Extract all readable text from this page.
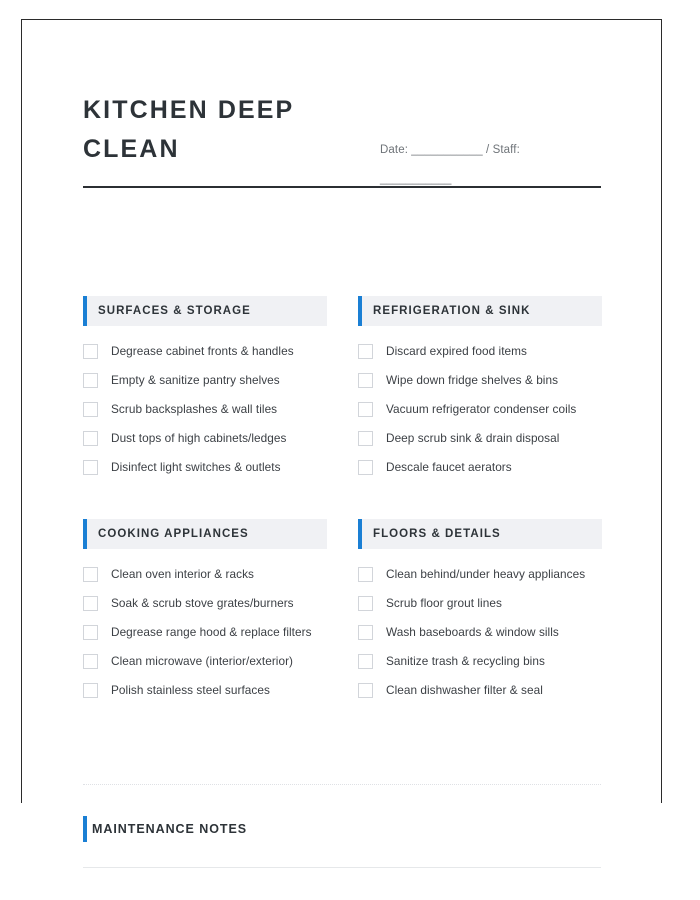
KITCHEN DEEP CLEAN	Date: ___________ / Staff: ___________
SURFACES & STORAGE
Degrease cabinet fronts & handles
Empty & sanitize pantry shelves
Scrub backsplashes & wall tiles
Dust tops of high cabinets/ledges
Disinfect light switches & outlets
REFRIGERATION & SINK
Discard expired food items
Wipe down fridge shelves & bins
Vacuum refrigerator condenser coils
Deep scrub sink & drain disposal
Descale faucet aerators
COOKING APPLIANCES
Clean oven interior & racks
Soak & scrub stove grates/burners
Degrease range hood & replace filters
Clean microwave (interior/exterior)
Polish stainless steel surfaces
FLOORS & DETAILS
Clean behind/under heavy appliances
Scrub floor grout lines
Wash baseboards & window sills
Sanitize trash & recycling bins
Clean dishwasher filter & seal
MAINTENANCE NOTES
